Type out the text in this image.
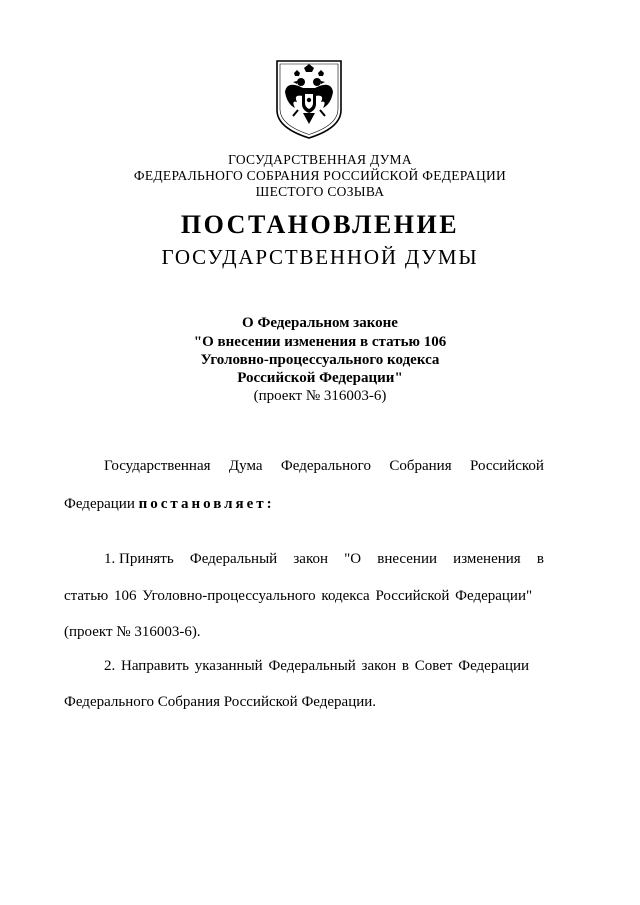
ГОСУДАРСТВЕННАЯ ДУМА
ФЕДЕРАЛЬНОГО СОБРАНИЯ РОССИЙСКОЙ ФЕДЕРАЦИИ
ШЕСТОГО СОЗЫВА
ПОСТАНОВЛЕНИЕ
ГОСУДАРСТВЕННОЙ ДУМЫ
О Федеральном законе
"О внесении изменения в статью 106
Уголовно-процессуального кодекса
Российской Федерации"
(проект № 316003-6)
Государственная Дума Федерального Собрания Российской
Федерации постановляет:
1. Принять Федеральный закон "О внесении изменения в
статью 106 Уголовно-процессуального кодекса Российской Федерации"
(проект № 316003-6).
2. Направить указанный Федеральный закон в Совет Федерации
Федерального Собрания Российской Федерации.
